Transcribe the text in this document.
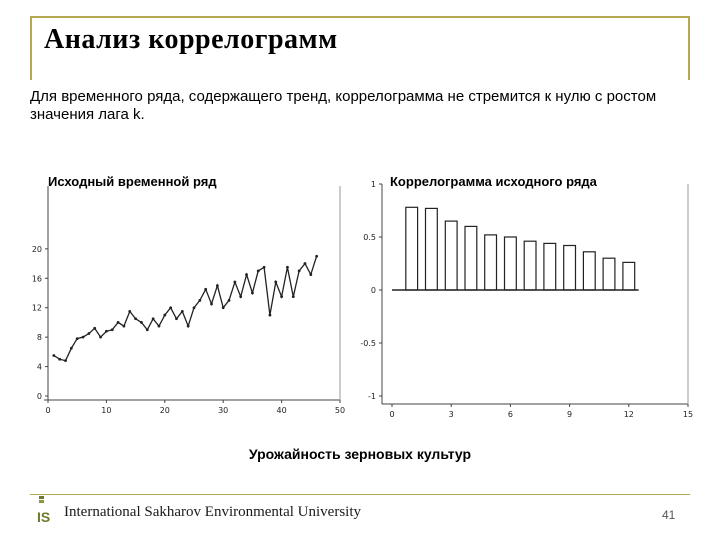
Анализ коррелограмм
Для временного ряда, содержащего тренд, коррелограмма не стремится к нулю с ростом значения лага k.
Исходный временной ряд	Коррелограмма исходного ряда
0
4
8
12
16
20
0	10	20	30	40	50
1
0.5
0
-0.5
-1
0	3	6	9	12	15
Урожайность зерновых культур
IS International Sakharov Environmental University	41
